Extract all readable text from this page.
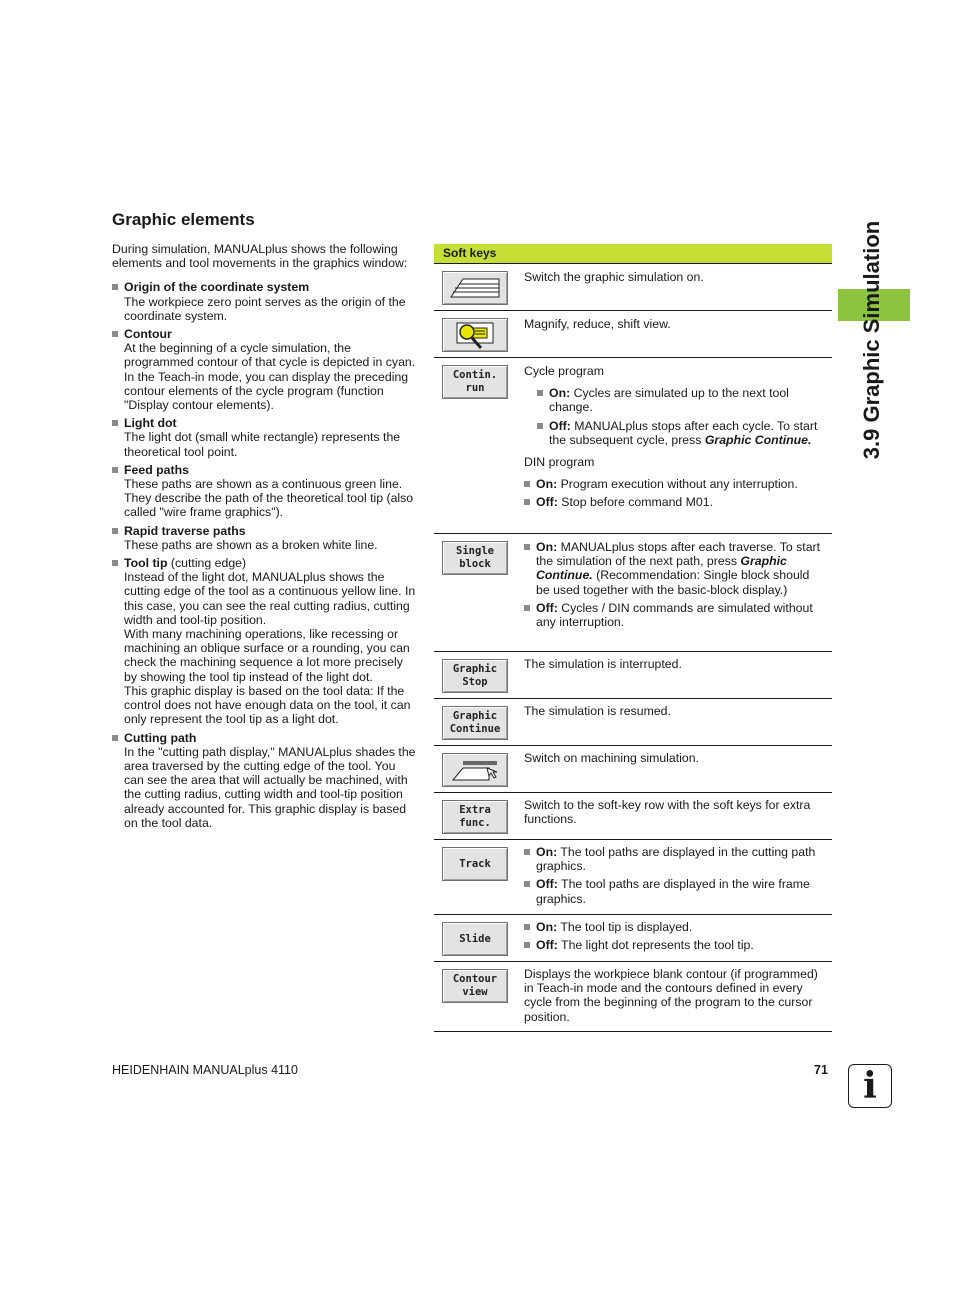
Graphic elements

During simulation, MANUALplus shows the following elements and tool movements in the graphics window:

Origin of the coordinate system
The workpiece zero point serves as the origin of the coordinate system.
Contour
At the beginning of a cycle simulation, the programmed contour of that cycle is depicted in cyan. In the Teach-in mode, you can display the preceding contour elements of the cycle program (function "Display contour elements).
Light dot
The light dot (small white rectangle) represents the theoretical tool point.
Feed paths
These paths are shown as a continuous green line. They describe the path of the theoretical tool tip (also called "wire frame graphics").
Rapid traverse paths
These paths are shown as a broken white line.
Tool tip (cutting edge)
Instead of the light dot, MANUALplus shows the cutting edge of the tool as a continuous yellow line. In this case, you can see the real cutting radius, cutting width and tool-tip position.
With many machining operations, like recessing or machining an oblique surface or a rounding, you can check the machining sequence a lot more precisely by showing the tool tip instead of the light dot.
This graphic display is based on the tool data: If the control does not have enough data on the tool, it can only represent the tool tip as a light dot.
Cutting path
In the "cutting path display," MANUALplus shades the area traversed by the cutting edge of the tool. You can see the area that will actually be machined, with the cutting radius, cutting width and tool-tip position already accounted for. This graphic display is based on the tool data.
3.9 Graphic Simulation
Soft keys

Switch the graphic simulation on.

Magnify, reduce, shift view.

Contin.
run

Cycle program

On: Cycles are simulated up to the next tool change.
Off: MANUALplus stops after each cycle. To start the subsequent cycle, press Graphic Continue.

DIN program

On: Program execution without any interruption.
Off: Stop before command M01.
Single
block
On: MANUALplus stops after each traverse. To start the simulation of the next path, press Graphic Continue. (Recommendation: Single block should be used together with the basic-block display.)
Off: Cycles / DIN commands are simulated without any interruption.
Graphic
Stop

The simulation is interrupted.

Graphic
Continue

The simulation is resumed.

Switch on machining simulation.

Extra
func.

Switch to the soft-key row with the soft keys for extra functions.

Track
On: The tool paths are displayed in the cutting path graphics.
Off: The tool paths are displayed in the wire frame graphics.
Slide
On: The tool tip is displayed.
Off: The light dot represents the tool tip.
Contour
view

Displays the workpiece blank contour (if programmed) in Teach-in mode and the contours defined in every cycle from the beginning of the program to the cursor position.

HEIDENHAIN MANUALplus 4110	71 i
